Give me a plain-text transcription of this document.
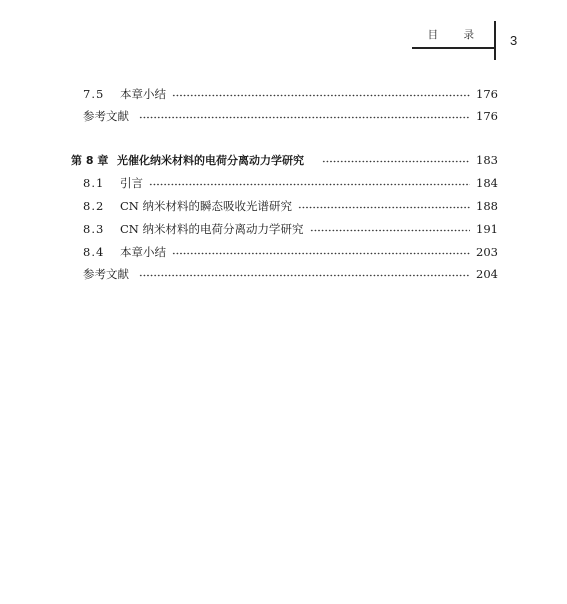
目 录 3
7.5	本章小结	176
参考文献	176
第 8 章 光催化纳米材料的电荷分离动力学研究	183
8.1	引言	184
8.2	CN 纳米材料的瞬态吸收光谱研究	188
8.3	CN 纳米材料的电荷分离动力学研究	191
8.4	本章小结	203
参考文献	204
